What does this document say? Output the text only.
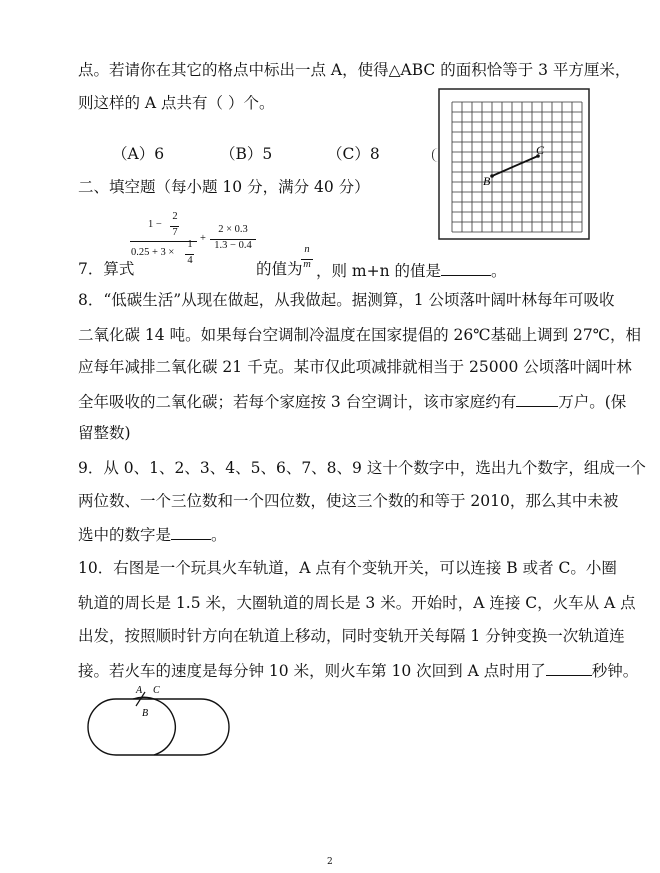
点。若请你在其它的格点中标出一点 A，使得△ABC 的面积恰等于 3 平方厘米，
则这样的 A 点共有（ ）个。
（A）6	（B）5	（C）8
B
C
二、填空题（每小题 10 分，满分 40 分）
1 −
2
7
0.25 + 3 ×
1
4
+
2 × 0.3
1.3 − 0.4
7．算式	的值为
n
m ，则 m+n 的值是	。
8．“低碳生活”从现在做起，从我做起。据测算，1 公顷落叶阔叶林每年可吸收
二氧化碳 14 吨。如果每台空调制冷温度在国家提倡的 26℃基础上调到 27℃，相
应每年减排二氧化碳 21 千克。某市仅此项减排就相当于 25000 公顷落叶阔叶林
全年吸收的二氧化碳；若每个家庭按 3 台空调计，该市家庭约有	万户。(保
留整数)
9．从 0、1、2、3、4、5、6、7、8、9 这十个数字中，选出九个数字，组成一个
两位数、一个三位数和一个四位数，使这三个数的和等于 2010，那么其中未被
选中的数字是	。
10．右图是一个玩具火车轨道，A 点有个变轨开关，可以连接 B 或者 C。小圈
轨道的周长是 1.5 米，大圈轨道的周长是 3 米。开始时，A 连接 C，火车从 A 点
出发，按照顺时针方向在轨道上移动，同时变轨开关每隔 1 分钟变换一次轨道连
接。若火车的速度是每分钟 10 米，则火车第 10 次回到 A 点时用了	秒钟。
A C
B
2
